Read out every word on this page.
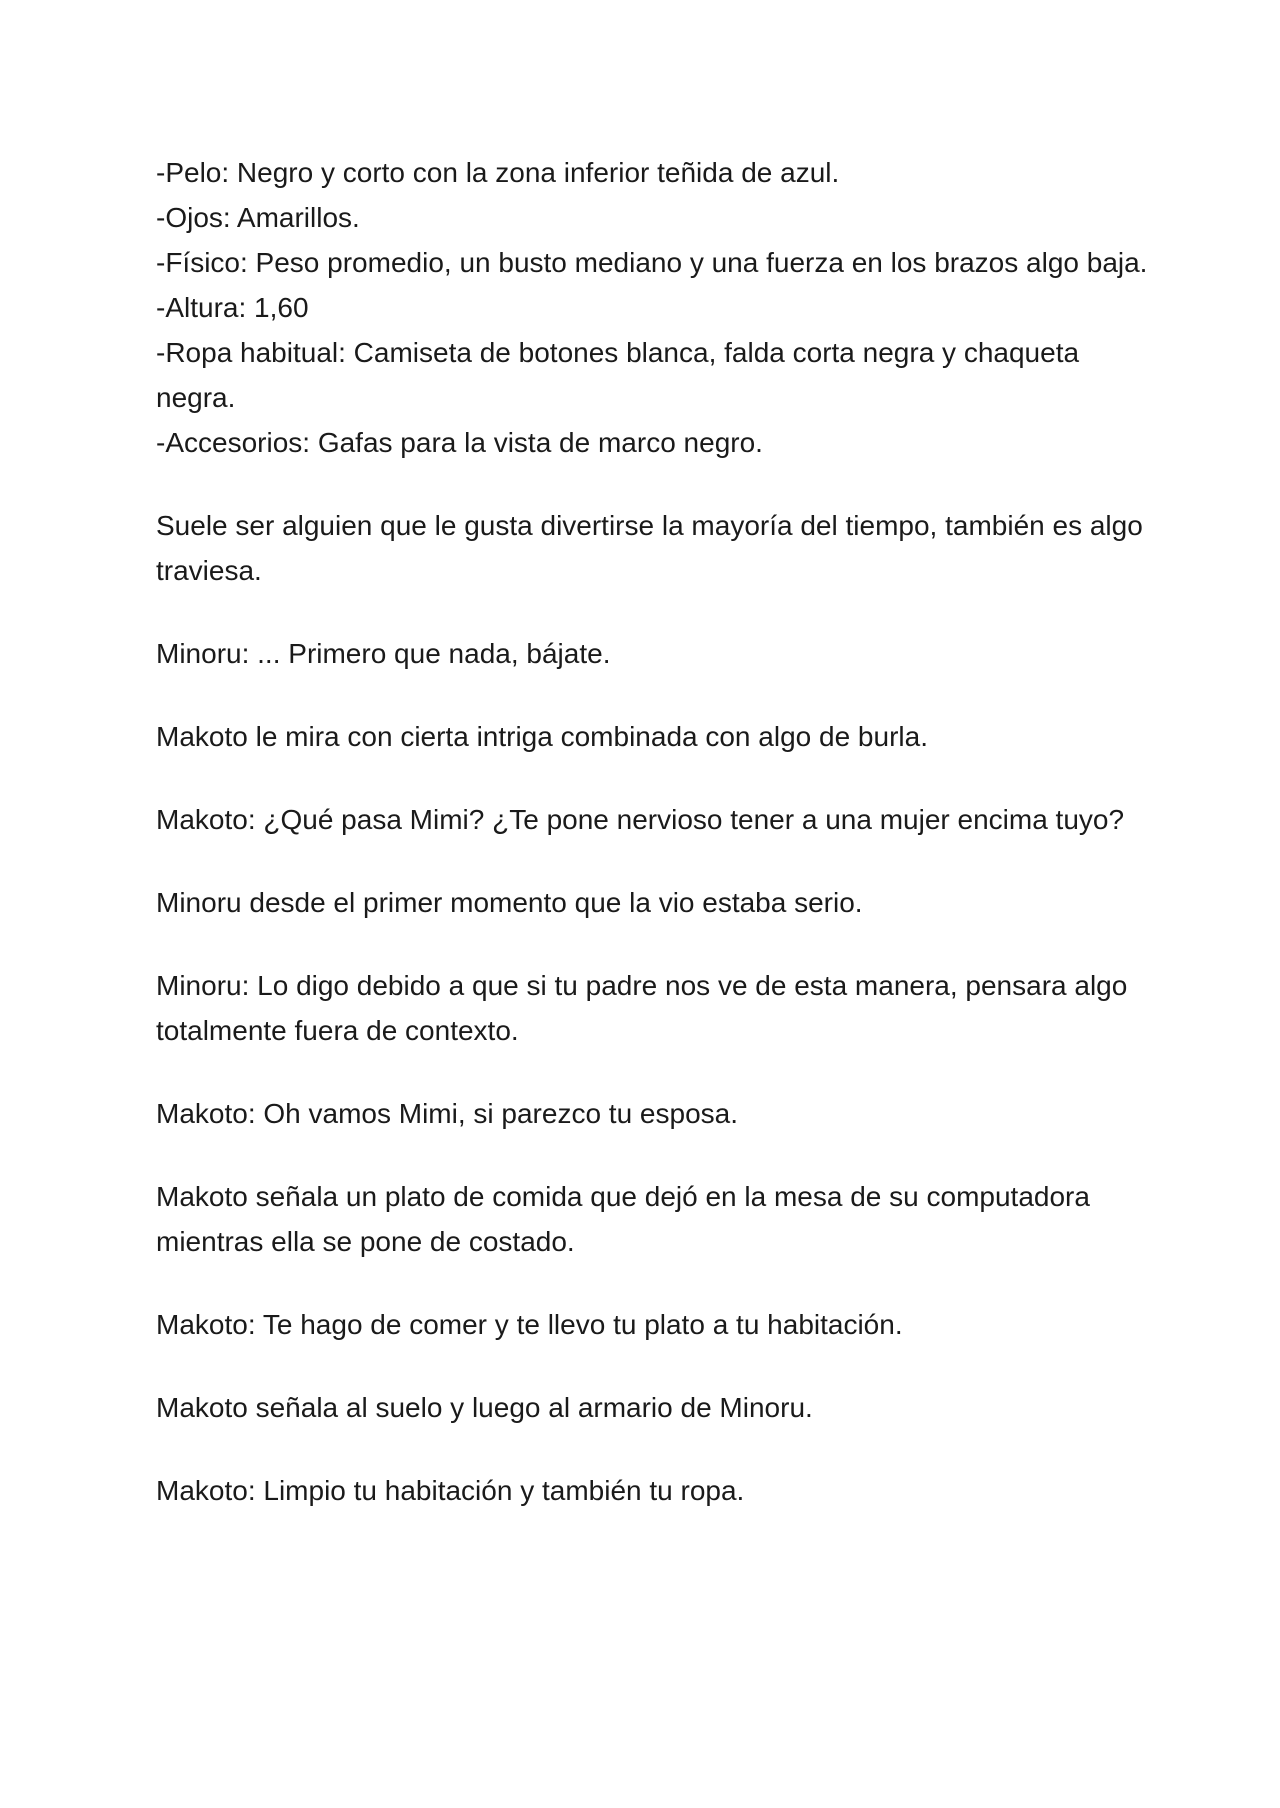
-Pelo: Negro y corto con la zona inferior teñida de azul.

-Ojos: Amarillos.

-Físico: Peso promedio, un busto mediano y una fuerza en los brazos algo baja.

-Altura: 1,60

-Ropa habitual: Camiseta de botones blanca, falda corta negra y chaqueta negra.

-Accesorios: Gafas para la vista de marco negro.

Suele ser alguien que le gusta divertirse la mayoría del tiempo, también es algo traviesa.

Minoru: ... Primero que nada, bájate.

Makoto le mira con cierta intriga combinada con algo de burla.

Makoto: ¿Qué pasa Mimi? ¿Te pone nervioso tener a una mujer encima tuyo?

Minoru desde el primer momento que la vio estaba serio.

Minoru: Lo digo debido a que si tu padre nos ve de esta manera, pensara algo totalmente fuera de contexto.

Makoto: Oh vamos Mimi, si parezco tu esposa.

Makoto señala un plato de comida que dejó en la mesa de su computadora mientras ella se pone de costado.

Makoto: Te hago de comer y te llevo tu plato a tu habitación.

Makoto señala al suelo y luego al armario de Minoru.

Makoto: Limpio tu habitación y también tu ropa.
